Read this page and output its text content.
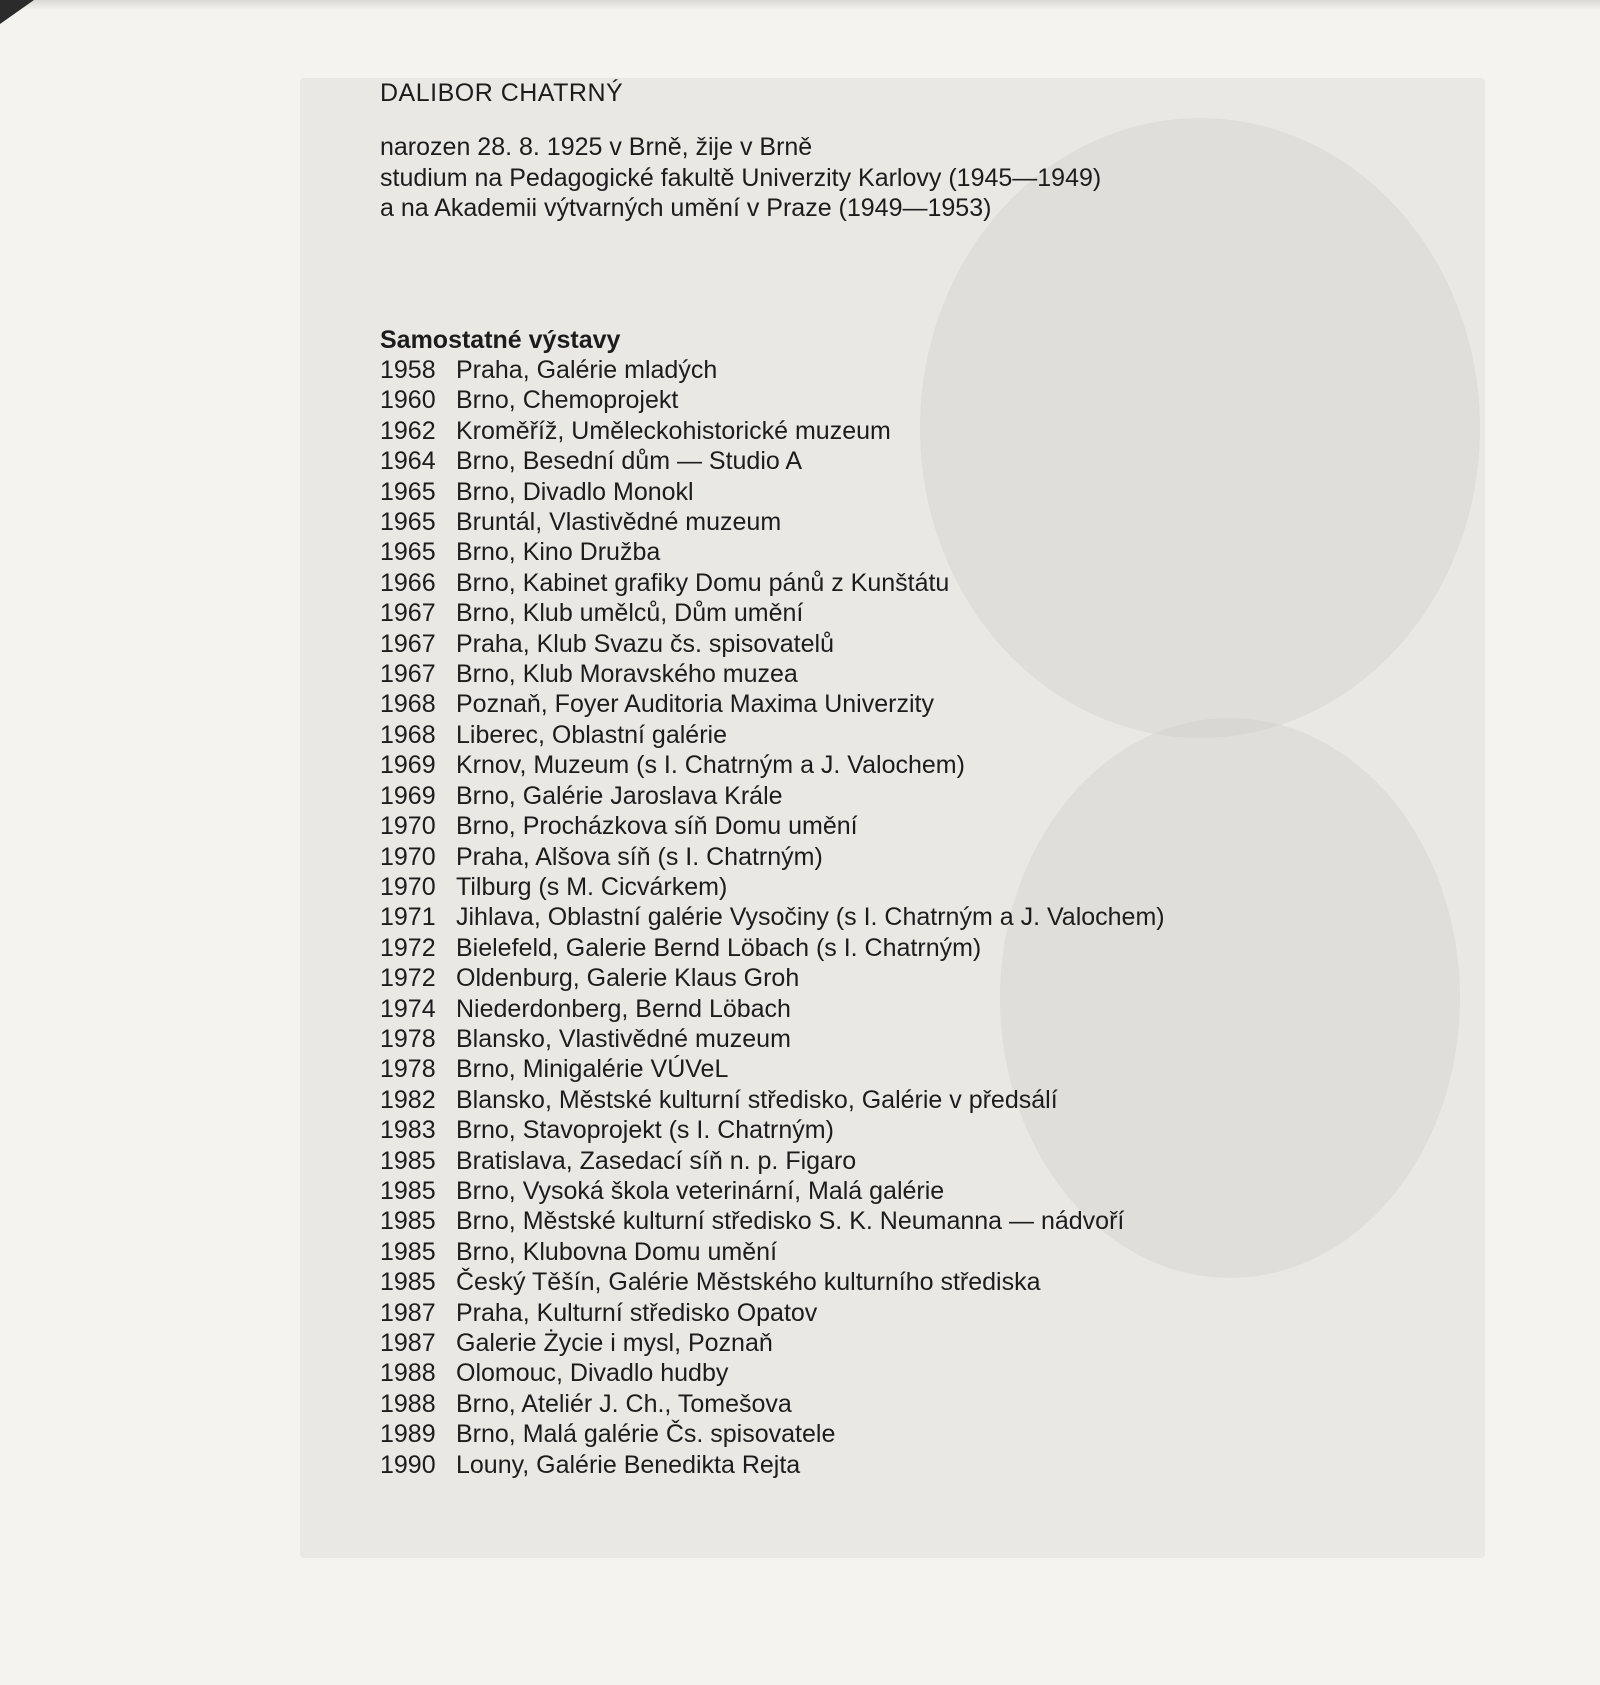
DALIBOR CHATRNÝ
narozen 28. 8. 1925 v Brně, žije v Brně
studium na Pedagogické fakultě Univerzity Karlovy (1945—1949)
a na Akademii výtvarných umění v Praze (1949—1953)
Samostatné výstavy
1958 Praha, Galérie mladých
1960 Brno, Chemoprojekt
1962 Kroměříž, Uměleckohistorické muzeum
1964 Brno, Besední dům — Studio A
1965 Brno, Divadlo Monokl
1965 Bruntál, Vlastivědné muzeum
1965 Brno, Kino Družba
1966 Brno, Kabinet grafiky Domu pánů z Kunštátu
1967 Brno, Klub umělců, Dům umění
1967 Praha, Klub Svazu čs. spisovatelů
1967 Brno, Klub Moravského muzea
1968 Poznaň, Foyer Auditoria Maxima Univerzity
1968 Liberec, Oblastní galérie
1969 Krnov, Muzeum (s I. Chatrným a J. Valochem)
1969 Brno, Galérie Jaroslava Krále
1970 Brno, Procházkova síň Domu umění
1970 Praha, Alšova síň (s I. Chatrným)
1970 Tilburg (s M. Cicvárkem)
1971 Jihlava, Oblastní galérie Vysočiny (s I. Chatrným a J. Valochem)
1972 Bielefeld, Galerie Bernd Löbach (s I. Chatrným)
1972 Oldenburg, Galerie Klaus Groh
1974 Niederdonberg, Bernd Löbach
1978 Blansko, Vlastivědné muzeum
1978 Brno, Minigalérie VÚVeL
1982 Blansko, Městské kulturní středisko, Galérie v předsálí
1983 Brno, Stavoprojekt (s I. Chatrným)
1985 Bratislava, Zasedací síň n. p. Figaro
1985 Brno, Vysoká škola veterinární, Malá galérie
1985 Brno, Městské kulturní středisko S. K. Neumanna — nádvoří
1985 Brno, Klubovna Domu umění
1985 Český Těšín, Galérie Městského kulturního střediska
1987 Praha, Kulturní středisko Opatov
1987 Galerie Życie i mysl, Poznaň
1988 Olomouc, Divadlo hudby
1988 Brno, Ateliér J. Ch., Tomešova
1989 Brno, Malá galérie Čs. spisovatele
1990 Louny, Galérie Benedikta Rejta
